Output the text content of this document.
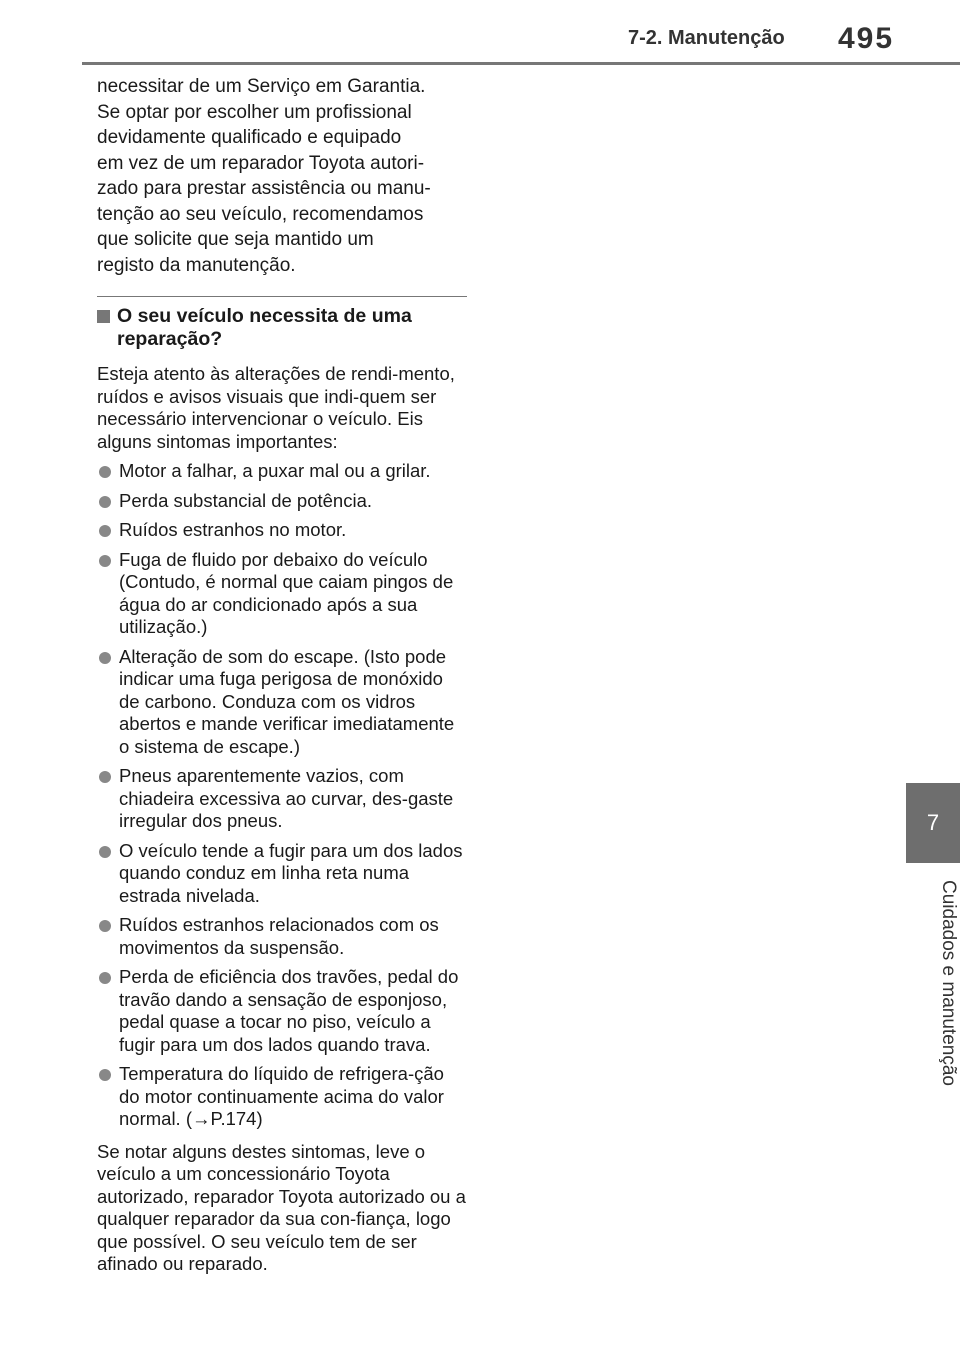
7-2. Manutenção 495
7
Cuidados e manutenção

necessitar de um Serviço em Garantia.

Se optar por escolher um profissional

devidamente qualificado e equipado

em vez de um reparador Toyota autori-

zado para prestar assistência ou manu-

tenção ao seu veículo, recomendamos

que solicite que seja mantido um

registo da manutenção.

O seu veículo necessita de uma reparação?

Esteja atento às alterações de rendi-mento, ruídos e avisos visuais que indi-quem ser necessário intervencionar o veículo. Eis alguns sintomas importantes:

Motor a falhar, a puxar mal ou a grilar.
Perda substancial de potência.
Ruídos estranhos no motor.
Fuga de fluido por debaixo do veículo (Contudo, é normal que caiam pingos de água do ar condicionado após a sua utilização.)
Alteração de som do escape. (Isto pode indicar uma fuga perigosa de monóxido de carbono. Conduza com os vidros abertos e mande verificar imediatamente o sistema de escape.)
Pneus aparentemente vazios, com chiadeira excessiva ao curvar, des-gaste irregular dos pneus.
O veículo tende a fugir para um dos lados quando conduz em linha reta numa estrada nivelada.
Ruídos estranhos relacionados com os movimentos da suspensão.
Perda de eficiência dos travões, pedal do travão dando a sensação de esponjoso, pedal quase a tocar no piso, veículo a fugir para um dos lados quando trava.
Temperatura do líquido de refrigera-ção do motor continuamente acima do valor normal. (→P.174)

Se notar alguns destes sintomas, leve o veículo a um concessionário Toyota autorizado, reparador Toyota autorizado ou a qualquer reparador da sua con-fiança, logo que possível. O seu veículo tem de ser afinado ou reparado.
